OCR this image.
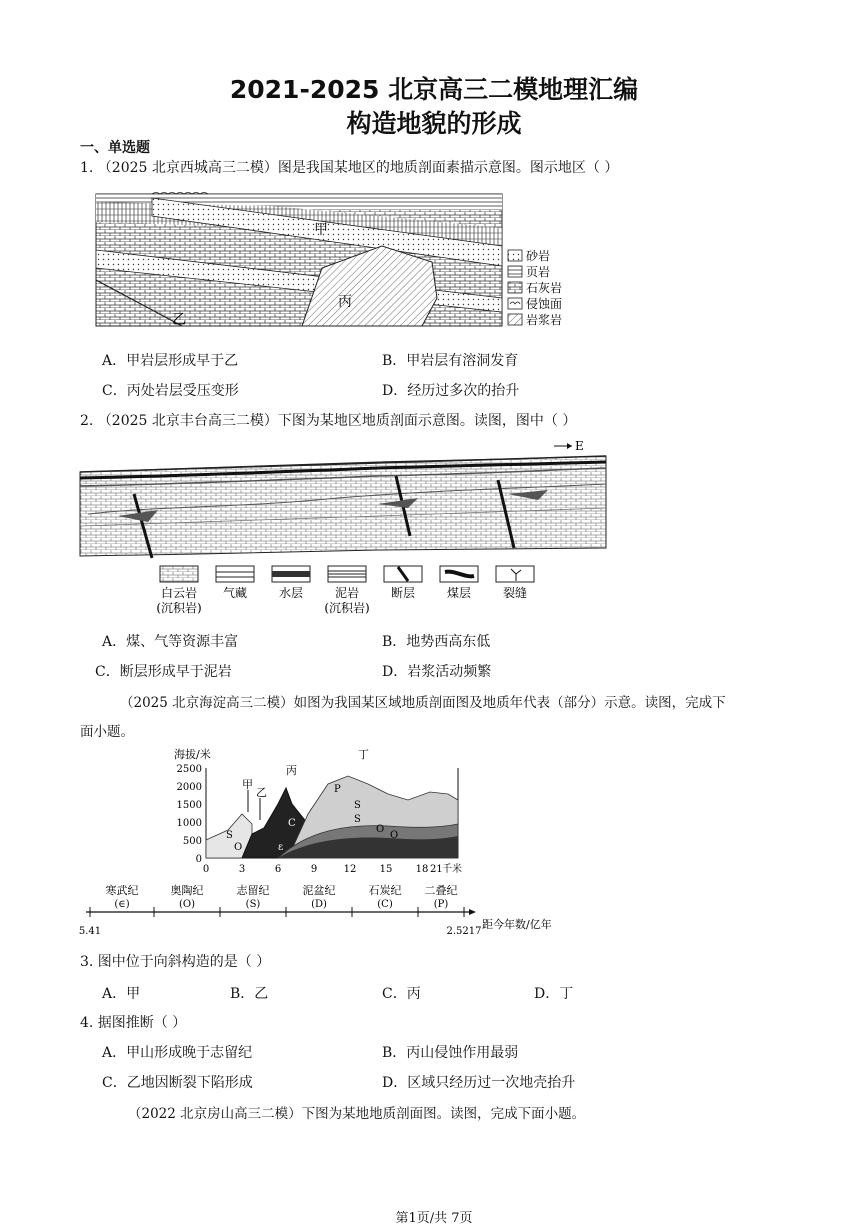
2021-2025 北京高三二模地理汇编
构造地貌的形成
一、单选题
1. （2025 北京西城高三二模）图是我国某地区的地质剖面素描示意图。图示地区（ ）
甲
乙
丙
砂岩
页岩
石灰岩
侵蚀面
岩浆岩
A．甲岩层形成早于乙	B．甲岩层有溶洞发育
C．丙处岩层受压变形	D．经历过多次的抬升
2. （2025 北京丰台高三二模）下图为某地区地质剖面示意图。读图，图中（ ）
E
白云岩
(沉积岩)
气藏	水层	泥岩
(沉积岩)
断层	煤层	裂缝
A．煤、气等资源丰富	B．地势西高东低
C．断层形成早于泥岩	D．岩浆活动频繁
（2025 北京海淀高三二模）如图为我国某区域地质剖面图及地质年代表（部分）示意。读图，完成下
面小题。
海拔/米
2500
2000
1500
1000
500
0
0	3	6	9	12 15 18 21 千米
P
S
S
O
O
C
ε
S
O
甲
乙
丙
丁
寒武纪
(∈)
奥陶纪
(O)
志留纪
(S)
泥盆纪
(D)
石炭纪
(C)
二叠纪
(P)
5.41	2.5217
距今年数/亿年
3. 图中位于向斜构造的是（ ）
A．甲	B．乙	C．丙	D．丁
4. 据图推断（ ）
A．甲山形成晚于志留纪	B．丙山侵蚀作用最弱
C．乙地因断裂下陷形成	D．区域只经历过一次地壳抬升
（2022 北京房山高三二模）下图为某地地质剖面图。读图，完成下面小题。
第1页/共 7页
